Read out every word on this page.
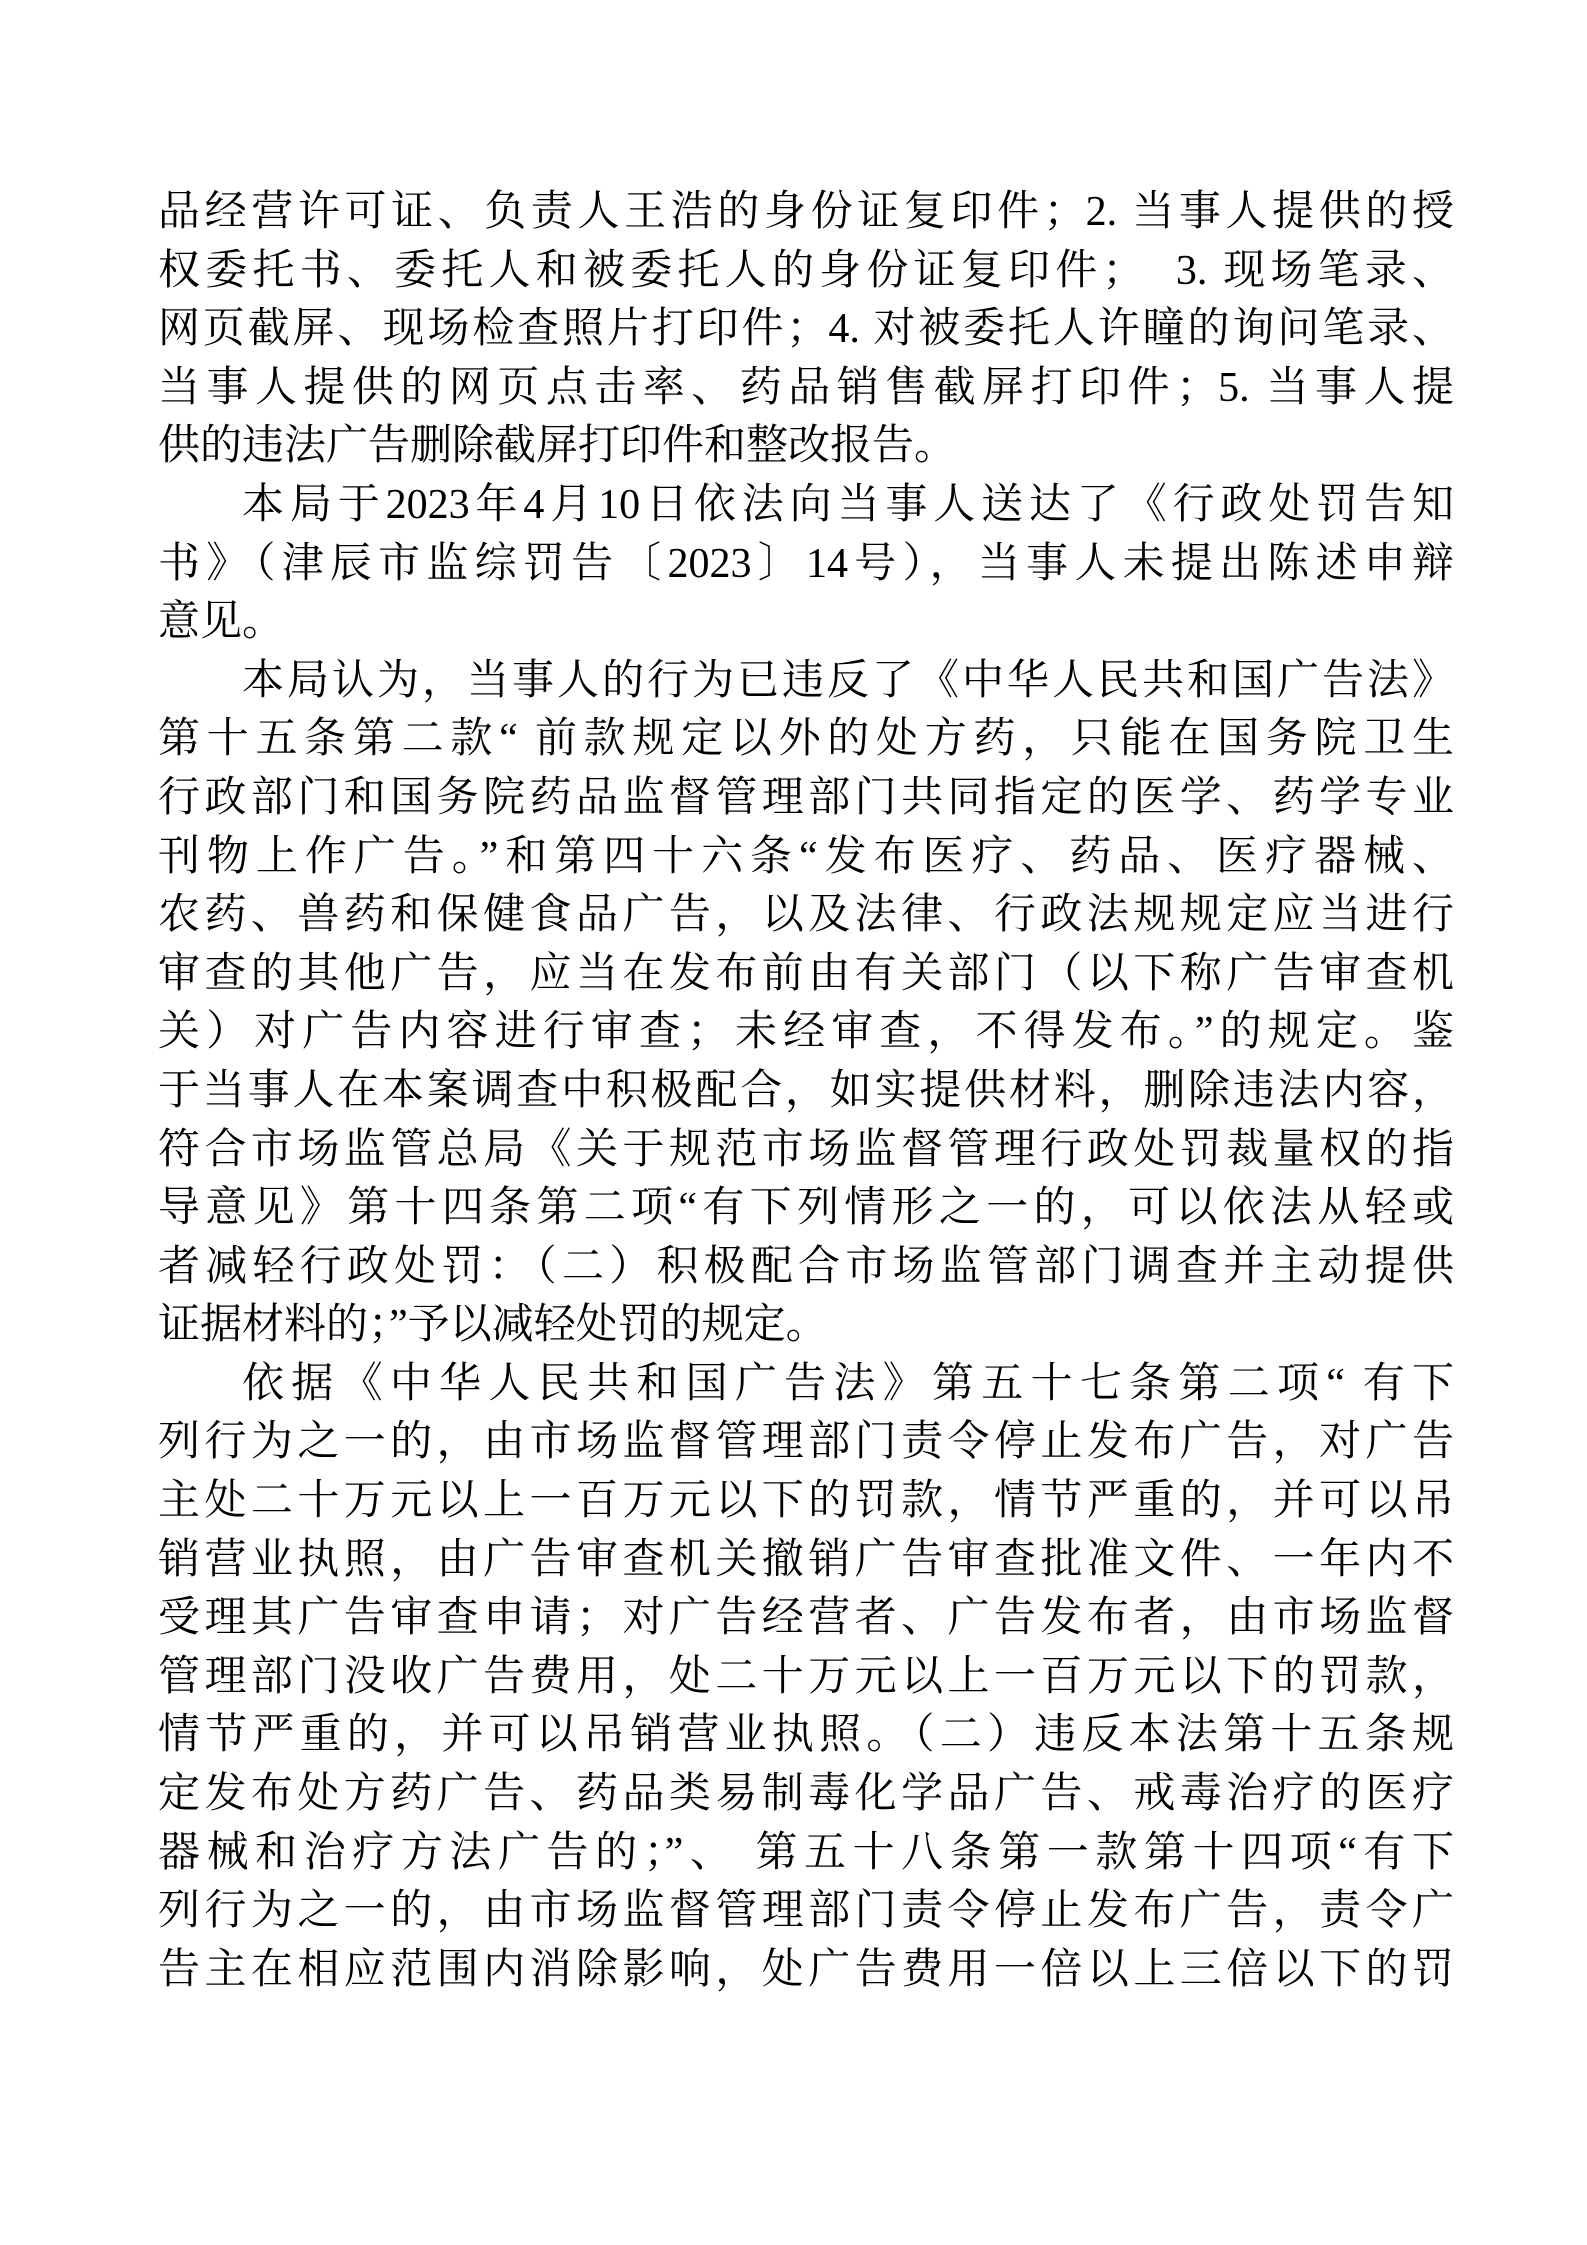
品经营许可证、负责人王浩的身份证复印件；2. 当事人提供的授
权委托书、委托人和被委托人的身份证复印件；  3. 现场笔录、
网页截屏、现场检查照片打印件；4. 对被委托人许瞳的询问笔录、
当事人提供的网页点击率、药品销售截屏打印件；5. 当事人提
供的违法广告删除截屏打印件和整改报告。
本局于2023年4月10日依法向当事人送达了《行政处罚告知
书》（津辰市监综罚告〔2023〕14号），当事人未提出陈述申辩
意见。
本局认为，当事人的行为已违反了《中华人民共和国广告法》
第十五条第二款“ 前款规定以外的处方药，只能在国务院卫生
行政部门和国务院药品监督管理部门共同指定的医学、药学专业
刊物上作广告。”和第四十六条“发布医疗、药品、医疗器械、
农药、兽药和保健食品广告，以及法律、行政法规规定应当进行
审查的其他广告，应当在发布前由有关部门（以下称广告审查机
关）对广告内容进行审查；未经审查，不得发布。”的规定。鉴
于当事人在本案调查中积极配合，如实提供材料，删除违法内容，
符合市场监管总局《关于规范市场监督管理行政处罚裁量权的指
导意见》第十四条第二项“有下列情形之一的，可以依法从轻或
者减轻行政处罚：（二）积极配合市场监管部门调查并主动提供
证据材料的；”予以减轻处罚的规定。
依据《中华人民共和国广告法》第五十七条第二项“ 有下
列行为之一的，由市场监督管理部门责令停止发布广告，对广告
主处二十万元以上一百万元以下的罚款，情节严重的，并可以吊
销营业执照，由广告审查机关撤销广告审查批准文件、一年内不
受理其广告审查申请；对广告经营者、广告发布者，由市场监督
管理部门没收广告费用，处二十万元以上一百万元以下的罚款，
情节严重的，并可以吊销营业执照。（二）违反本法第十五条规
定发布处方药广告、药品类易制毒化学品广告、戒毒治疗的医疗
器械和治疗方法广告的；”、 第五十八条第一款第十四项“有下
列行为之一的，由市场监督管理部门责令停止发布广告，责令广
告主在相应范围内消除影响，处广告费用一倍以上三倍以下的罚
